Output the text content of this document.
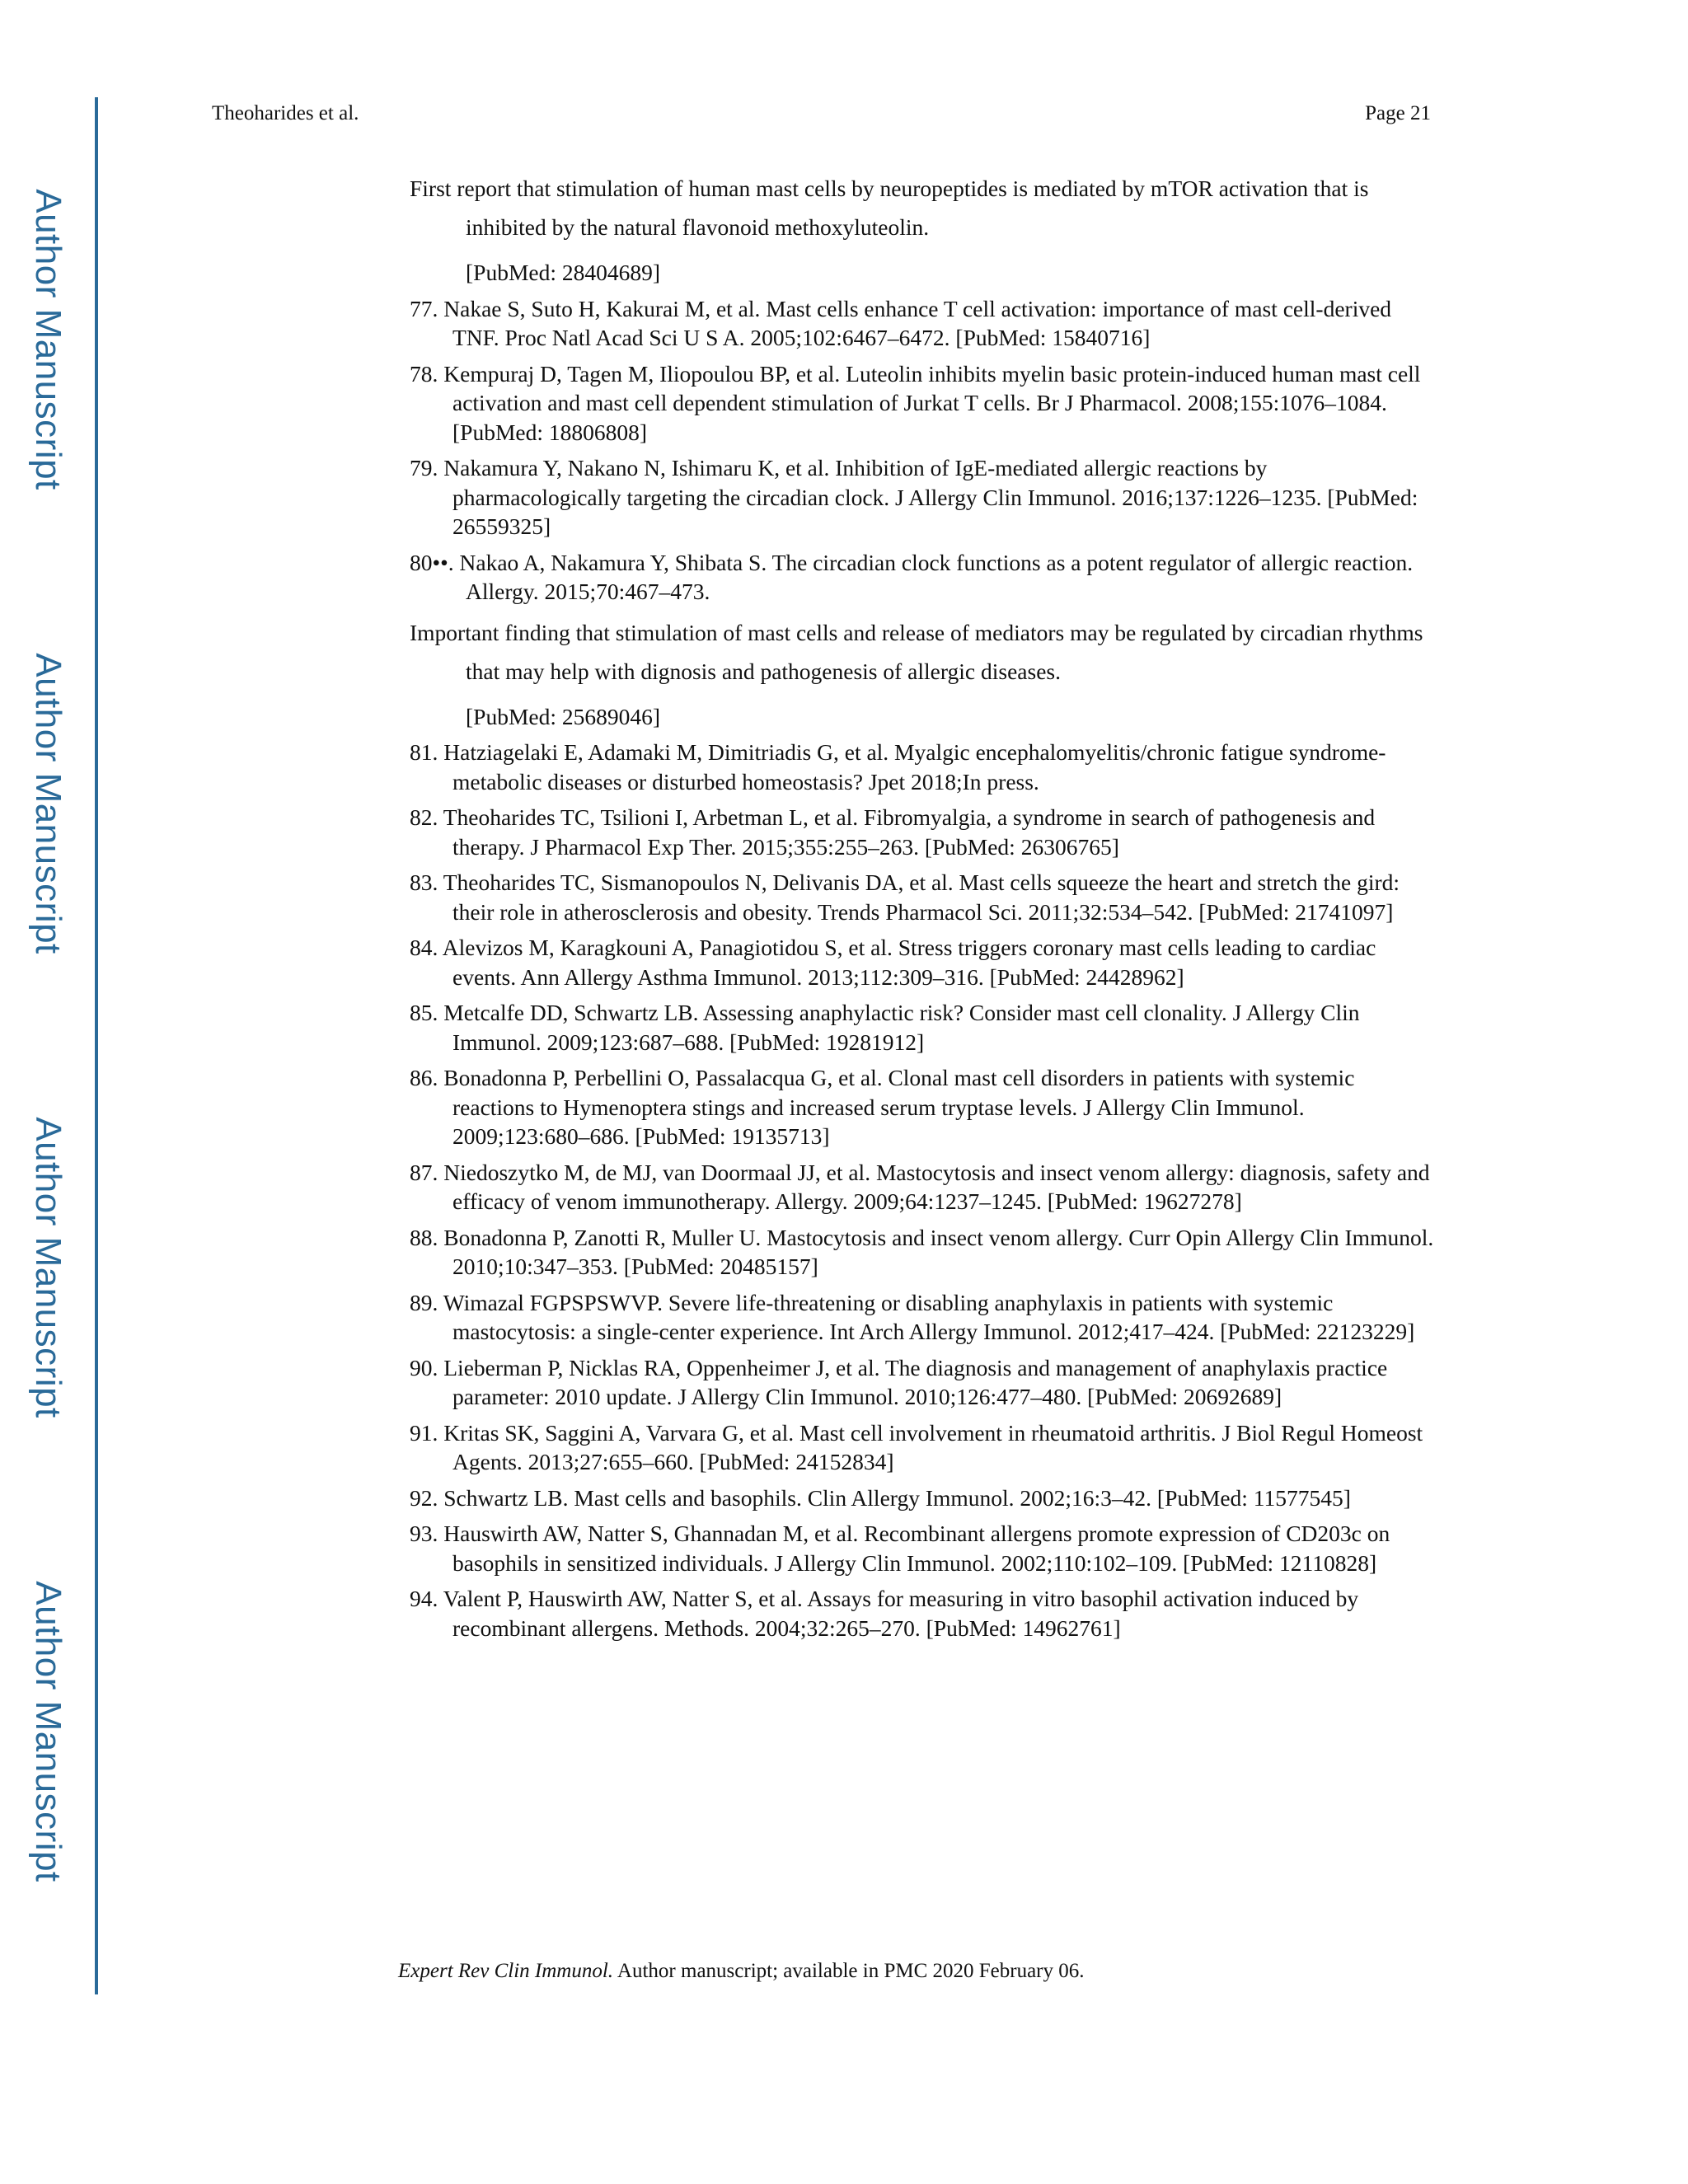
Author Manuscript
Author Manuscript
Author Manuscript
Author Manuscript
Theoharides et al.	Page 21
First report that stimulation of human mast cells by neuropeptides is mediated by mTOR activation that is inhibited by the natural flavonoid methoxyluteolin.
[PubMed: 28404689]
77. Nakae S, Suto H, Kakurai M, et al. Mast cells enhance T cell activation: importance of mast cell-derived TNF. Proc Natl Acad Sci U S A. 2005;102:6467–6472. [PubMed: 15840716]
78. Kempuraj D, Tagen M, Iliopoulou BP, et al. Luteolin inhibits myelin basic protein-induced human mast cell activation and mast cell dependent stimulation of Jurkat T cells. Br J Pharmacol. 2008;155:1076–1084. [PubMed: 18806808]
79. Nakamura Y, Nakano N, Ishimaru K, et al. Inhibition of IgE-mediated allergic reactions by pharmacologically targeting the circadian clock. J Allergy Clin Immunol. 2016;137:1226–1235. [PubMed: 26559325]
80••. Nakao A, Nakamura Y, Shibata S. The circadian clock functions as a potent regulator of allergic reaction. Allergy. 2015;70:467–473.
Important finding that stimulation of mast cells and release of mediators may be regulated by circadian rhythms that may help with dignosis and pathogenesis of allergic diseases.
[PubMed: 25689046]
81. Hatziagelaki E, Adamaki M, Dimitriadis G, et al. Myalgic encephalomyelitis/chronic fatigue syndrome-metabolic diseases or disturbed homeostasis? Jpet 2018;In press.
82. Theoharides TC, Tsilioni I, Arbetman L, et al. Fibromyalgia, a syndrome in search of pathogenesis and therapy. J Pharmacol Exp Ther. 2015;355:255–263. [PubMed: 26306765]
83. Theoharides TC, Sismanopoulos N, Delivanis DA, et al. Mast cells squeeze the heart and stretch the gird: their role in atherosclerosis and obesity. Trends Pharmacol Sci. 2011;32:534–542. [PubMed: 21741097]
84. Alevizos M, Karagkouni A, Panagiotidou S, et al. Stress triggers coronary mast cells leading to cardiac events. Ann Allergy Asthma Immunol. 2013;112:309–316. [PubMed: 24428962]
85. Metcalfe DD, Schwartz LB. Assessing anaphylactic risk? Consider mast cell clonality. J Allergy Clin Immunol. 2009;123:687–688. [PubMed: 19281912]
86. Bonadonna P, Perbellini O, Passalacqua G, et al. Clonal mast cell disorders in patients with systemic reactions to Hymenoptera stings and increased serum tryptase levels. J Allergy Clin Immunol. 2009;123:680–686. [PubMed: 19135713]
87. Niedoszytko M, de MJ, van Doormaal JJ, et al. Mastocytosis and insect venom allergy: diagnosis, safety and efficacy of venom immunotherapy. Allergy. 2009;64:1237–1245. [PubMed: 19627278]
88. Bonadonna P, Zanotti R, Muller U. Mastocytosis and insect venom allergy. Curr Opin Allergy Clin Immunol. 2010;10:347–353. [PubMed: 20485157]
89. Wimazal FGPSPSWVP. Severe life-threatening or disabling anaphylaxis in patients with systemic mastocytosis: a single-center experience. Int Arch Allergy Immunol. 2012;417–424. [PubMed: 22123229]
90. Lieberman P, Nicklas RA, Oppenheimer J, et al. The diagnosis and management of anaphylaxis practice parameter: 2010 update. J Allergy Clin Immunol. 2010;126:477–480. [PubMed: 20692689]
91. Kritas SK, Saggini A, Varvara G, et al. Mast cell involvement in rheumatoid arthritis. J Biol Regul Homeost Agents. 2013;27:655–660. [PubMed: 24152834]
92. Schwartz LB. Mast cells and basophils. Clin Allergy Immunol. 2002;16:3–42. [PubMed: 11577545]
93. Hauswirth AW, Natter S, Ghannadan M, et al. Recombinant allergens promote expression of CD203c on basophils in sensitized individuals. J Allergy Clin Immunol. 2002;110:102–109. [PubMed: 12110828]
94. Valent P, Hauswirth AW, Natter S, et al. Assays for measuring in vitro basophil activation induced by recombinant allergens. Methods. 2004;32:265–270. [PubMed: 14962761]
Expert Rev Clin Immunol. Author manuscript; available in PMC 2020 February 06.
